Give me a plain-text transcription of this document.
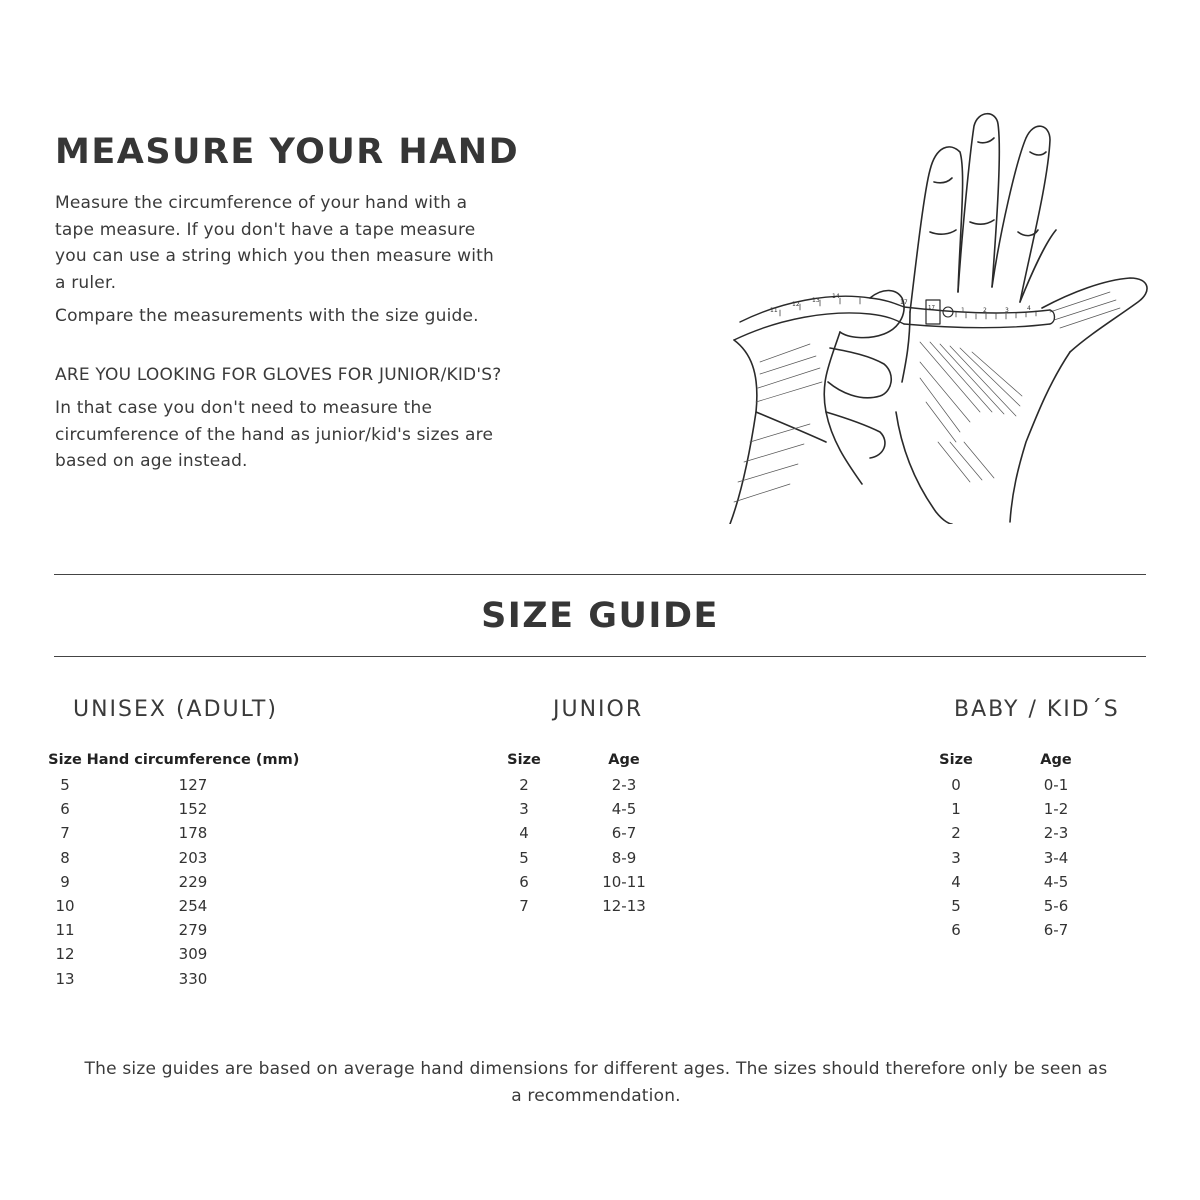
MEASURE YOUR HAND

Measure the circumference of your hand with a tape measure. If you don't have a tape measure you can use a string which you then measure with a ruler.

Compare the measurements with the size guide.

ARE YOU LOOKING FOR GLOVES FOR JUNIOR/KID'S?

In that case you don't need to measure the circumference of the hand as junior/kid's sizes are based on age instead.

1	2	3	4
17
14
13
12
11	17
SIZE GUIDE
UNISEX (ADULT)	JUNIOR	BABY / KID´S
Size	Hand circumference (mm)
5	127
6	152
7	178
8	203
9	229
10	254
11	279
12	309
13	330
Size	Age
2	2-3
3	4-5
4	6-7
5	8-9
6	10-11
7	12-13
Size	Age
0	0-1
1	1-2
2	2-3
3	3-4
4	4-5
5	5-6
6	6-7

The size guides are based on average hand dimensions for different ages. The sizes should therefore only be seen as a recommendation.
